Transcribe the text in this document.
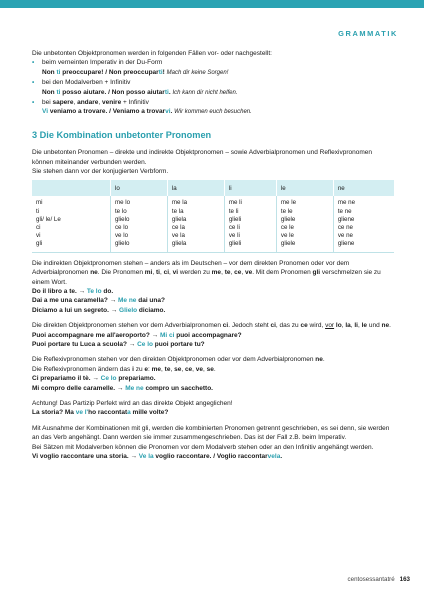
GRAMMATIK

Die unbetonten Objektpronomen werden in folgenden Fällen vor- oder nachgestellt:

• beim verneinten Imperativ in der Du-Form

Non ti preoccupare! / Non preoccuparti! Mach dir keine Sorgen!

• bei den Modalverben + Infinitiv

Non ti posso aiutare. / Non posso aiutarti. Ich kann dir nicht helfen.

• bei sapere, andare, venire + Infinitiv

Vi veniamo a trovare. / Veniamo a trovarvi. Wir kommen euch besuchen.

3 Die Kombination unbetonter Pronomen

Die unbetonten Pronomen – direkte und indirekte Objektpronomen – sowie Adverbialpronomen und Reflexivpronomen können miteinander verbunden werden.

Sie stehen dann vor der konjugierten Verbform.

	lo	la	li	le	ne
mi	me lo	me la	me li	me le	me ne
ti	te lo	te la	te li	te le	te ne
gli/ le/ Le	glielo	gliela	glieli	gliele	gliene
ci	ce lo	ce la	ce li	ce le	ce ne
vi	ve lo	ve la	ve li	ve le	ve ne
gli	glielo	gliela	glieli	gliele	gliene

Die indirekten Objektpronomen stehen – anders als im Deutschen – vor dem direkten Pronomen oder vor dem Adverbialpronomen ne. Die Pronomen mi, ti, ci, vi werden zu me, te, ce, ve. Mit dem Pronomen gli verschmelzen sie zu einem Wort.

Do il libro a te. → Te lo do.

Dai a me una caramella? → Me ne dai una?

Diciamo a lui un segreto. → Glielo diciamo.

Die direkten Objektpronomen stehen vor dem Adverbialpronomen ci. Jedoch steht ci, das zu ce wird, vor lo, la, li, le und ne.

Puoi accompagnare me all'aeroporto? → Mi ci puoi accompagnare?

Puoi portare tu Luca a scuola? → Ce lo puoi portare tu?

Die Reflexivpronomen stehen vor den direkten Objektpronomen oder vor dem Adverbialpronomen ne.

Die Reflexivpronomen ändern das i zu e: me, te, se, ce, ve, se.

Ci prepariamo il tè. → Ce lo prepariamo.

Mi compro delle caramelle. → Me ne compro un sacchetto.

Achtung! Das Partizip Perfekt wird an das direkte Objekt angeglichen!

La storia? Ma ve l'ho raccontata mille volte?

Mit Ausnahme der Kombinationen mit gli, werden die kombinierten Pronomen getrennt geschrieben, es sei denn, sie werden an das Verb angehängt. Dann werden sie immer zusammengeschrieben. Das ist der Fall z.B. beim Imperativ.

Bei Sätzen mit Modalverben können die Pronomen vor dem Modalverb stehen oder an den Infinitiv angehängt werden.

Vi voglio raccontare una storia. → Ve la voglio raccontare. / Voglio raccontarvela.

centosessantatré 163
